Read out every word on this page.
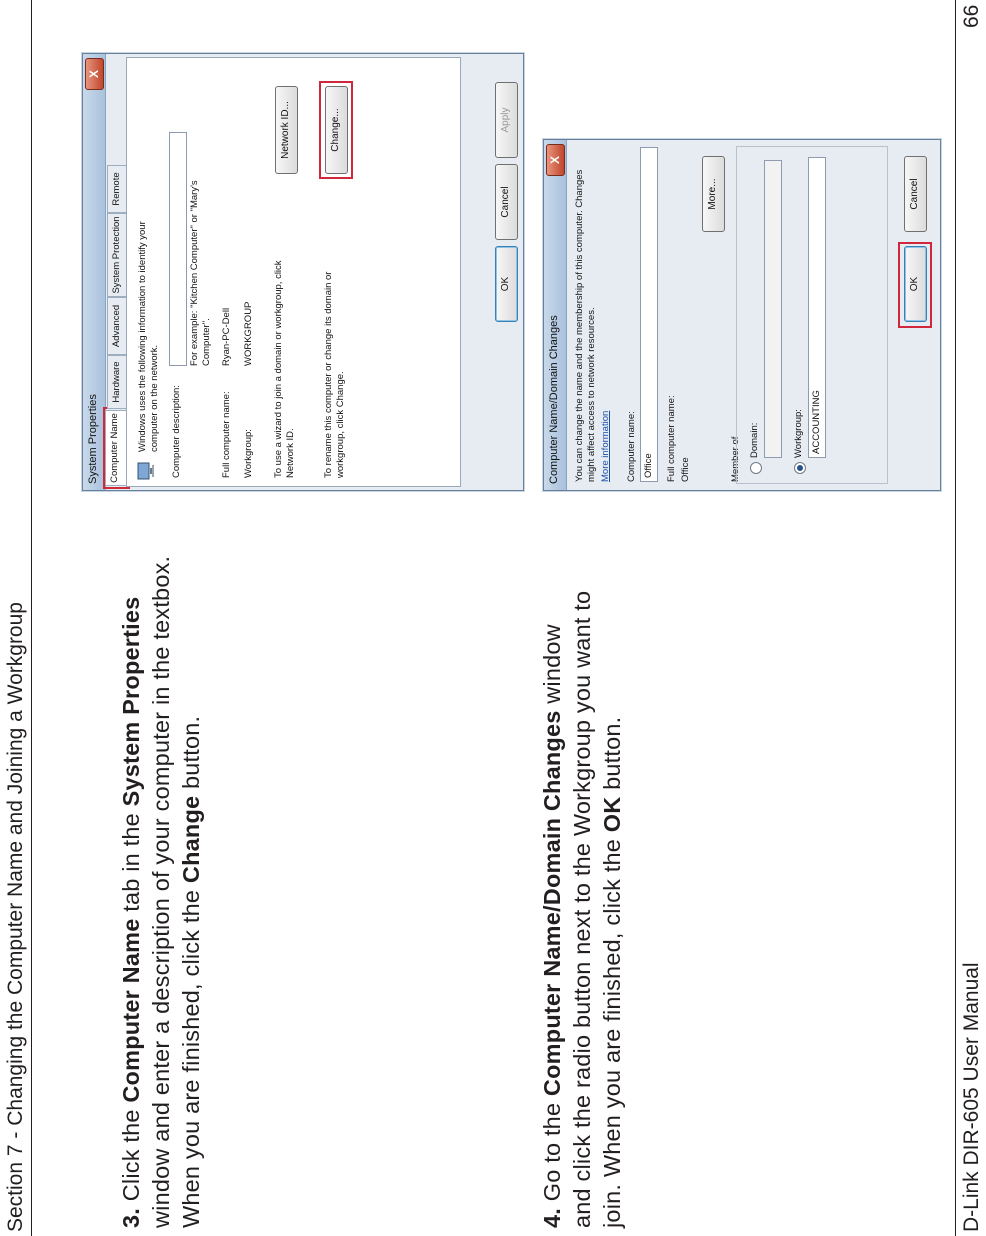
Section 7 - Changing the Computer Name and Joining a Workgroup	D-Link DIR-605 User Manual
66
3. Click the Computer Name tab in the System Properties window and enter a description of your computer in the textbox. When you are finished, click the Change button.
4. Go to the Computer Name/Domain Changes window and click the radio button next to the Workgroup you want to join. When you are finished, click the OK button.
System Properties
X
Computer Name
Hardware
Advanced
System Protection
Remote
Windows uses the following information to identify your computer on the network. Computer description:
For example: "Kitchen Computer" or "Mary's Computer".
Full computer name:
Ryan-PC-Dell
Workgroup:
WORKGROUP To use a wizard to join a domain or workgroup, click Network ID.
Network ID...
To rename this computer or change its domain or workgroup, click Change.
Change...
OK
Cancel
Apply
Computer Name/Domain Changes
X
You can change the name and the membership of this computer. Changes might affect access to network resources. More information Computer name: Office	Full computer name: Office
More...
Member of Domain:	Workgroup: ACCOUNTING
OK
Cancel
